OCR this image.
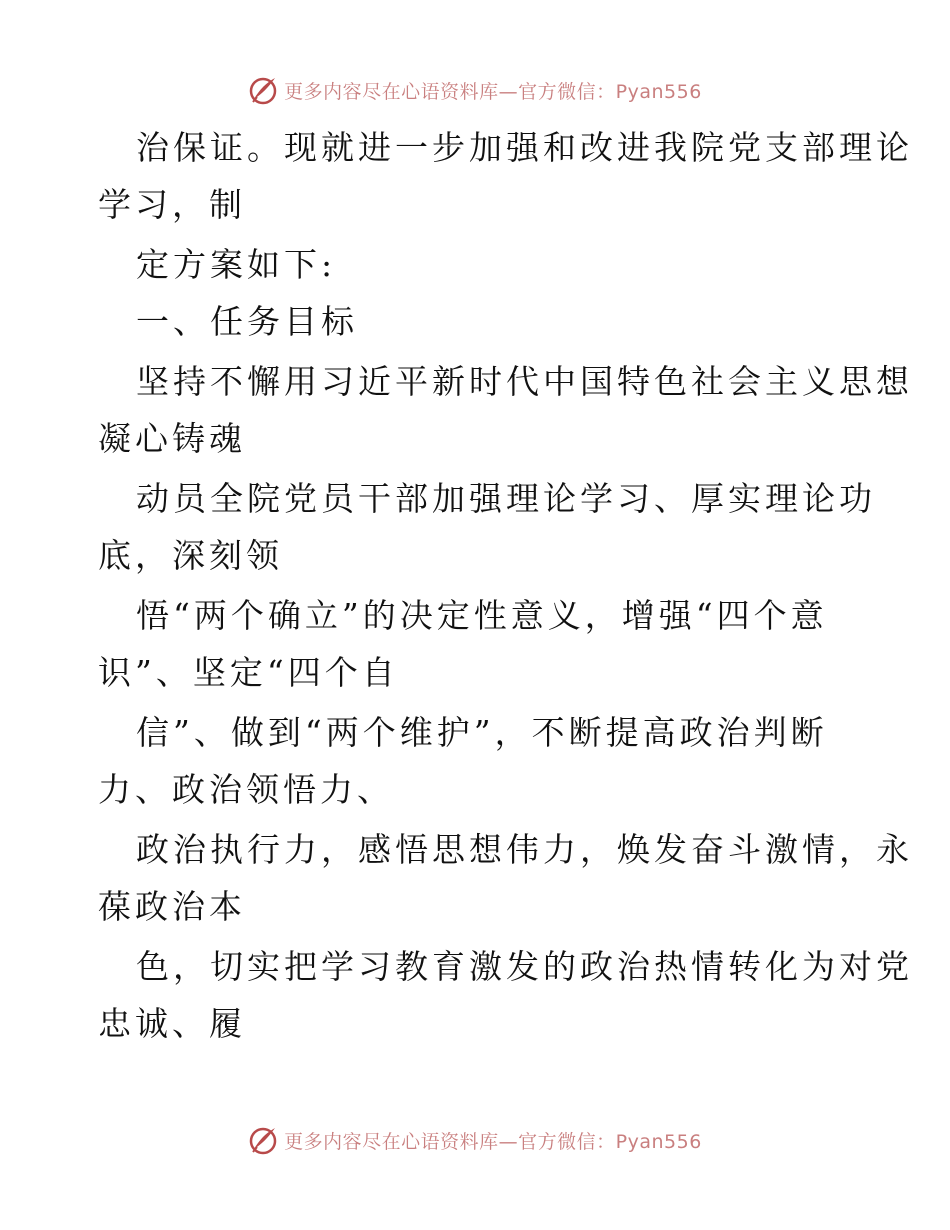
更多内容尽在心语资料库—官方微信：Pyan556
治保证。现就进一步加强和改进我院党支部理论
学习，制
定方案如下:
一、任务目标
坚持不懈用习近平新时代中国特色社会主义思想
凝心铸魂
动员全院党员干部加强理论学习、厚实理论功
底，深刻领
悟“两个确立”的决定性意义，增强“四个意
识”、坚定“四个自
信”、做到“两个维护”，不断提高政治判断
力、政治领悟力、
政治执行力，感悟思想伟力，焕发奋斗激情，永
葆政治本
色，切实把学习教育激发的政治热情转化为对党
忠诚、履
更多内容尽在心语资料库—官方微信：Pyan556
